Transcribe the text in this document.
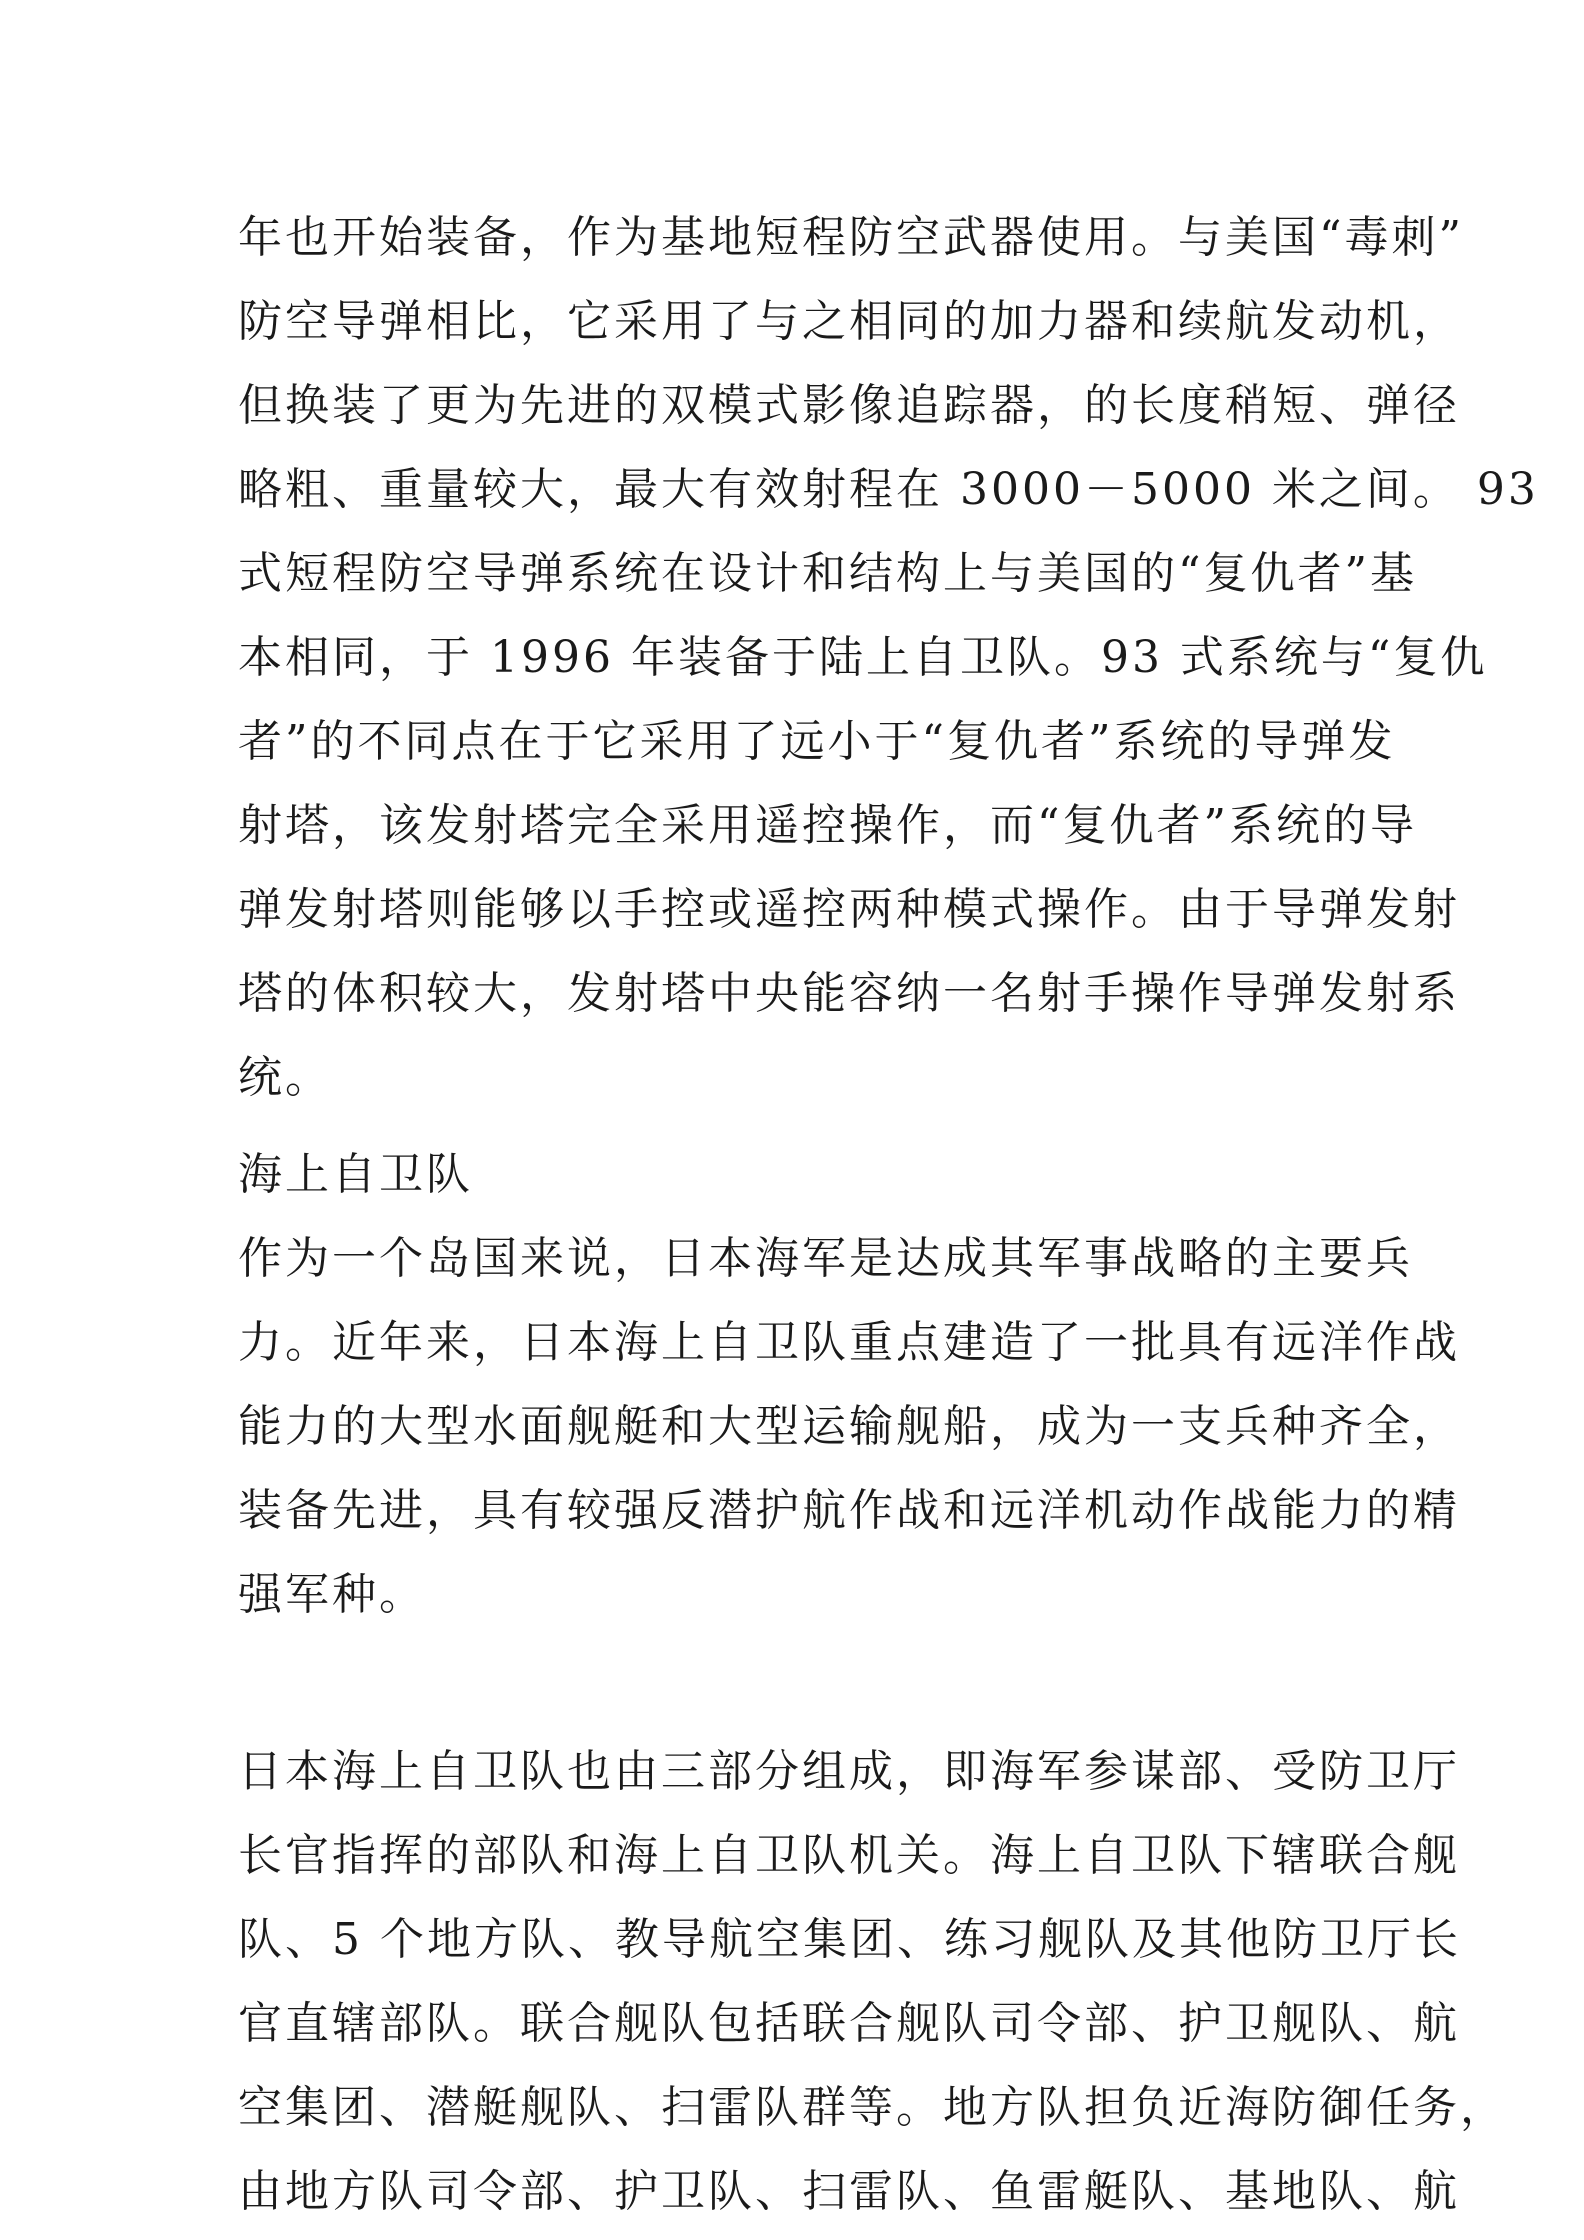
年也开始装备，作为基地短程防空武器使用。与美国“毒刺”
防空导弹相比，它采用了与之相同的加力器和续航发动机，
但换装了更为先进的双模式影像追踪器，的长度稍短、弹径
略粗、重量较大，最大有效射程在 3000－5000 米之间。 93
式短程防空导弹系统在设计和结构上与美国的“复仇者”基
本相同，于 1996 年装备于陆上自卫队。93 式系统与“复仇
者”的不同点在于它采用了远小于“复仇者”系统的导弹发
射塔，该发射塔完全采用遥控操作，而“复仇者”系统的导
弹发射塔则能够以手控或遥控两种模式操作。由于导弹发射
塔的体积较大，发射塔中央能容纳一名射手操作导弹发射系
统。
海上自卫队
作为一个岛国来说，日本海军是达成其军事战略的主要兵
力。近年来，日本海上自卫队重点建造了一批具有远洋作战
能力的大型水面舰艇和大型运输舰船，成为一支兵种齐全，
装备先进，具有较强反潜护航作战和远洋机动作战能力的精
强军种。
日本海上自卫队也由三部分组成，即海军参谋部、受防卫厅
长官指挥的部队和海上自卫队机关。海上自卫队下辖联合舰
队、5 个地方队、教导航空集团、练习舰队及其他防卫厅长
官直辖部队。联合舰队包括联合舰队司令部、护卫舰队、航
空集团、潜艇舰队、扫雷队群等。地方队担负近海防御任务，
由地方队司令部、护卫队、扫雷队、鱼雷艇队、基地队、航
